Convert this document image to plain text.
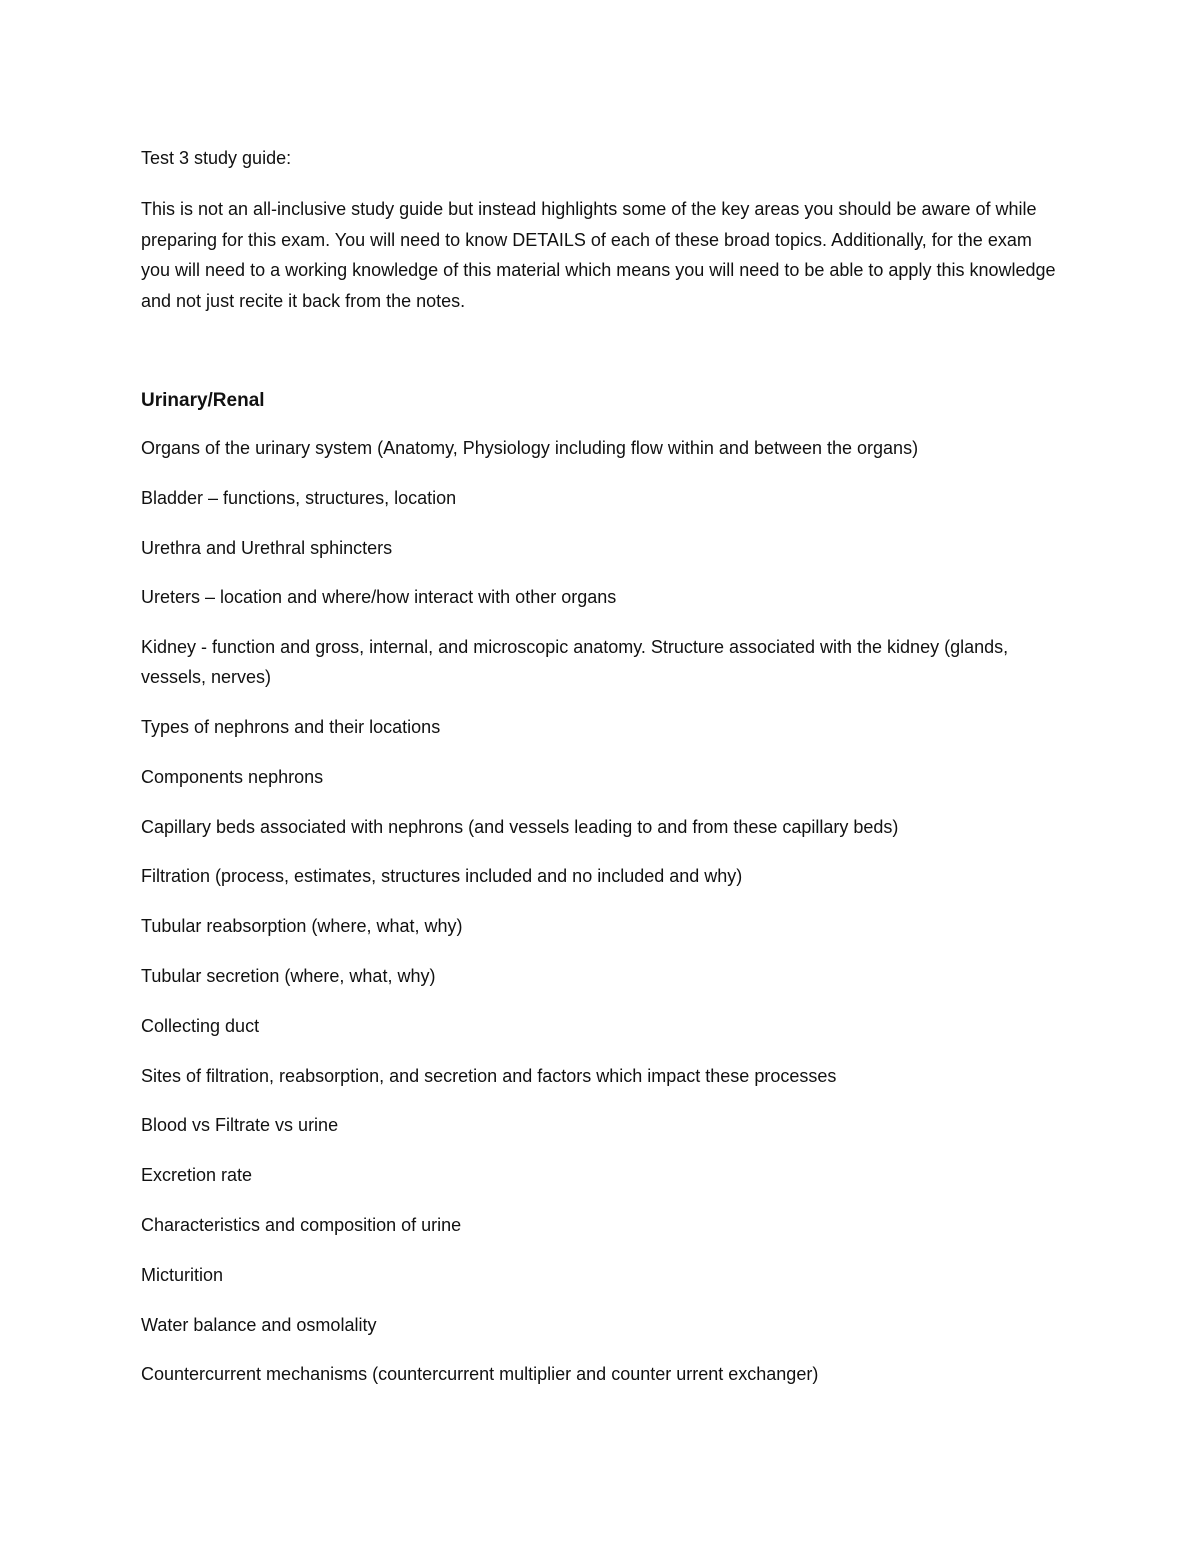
Test 3 study guide:

This is not an all-inclusive study guide but instead highlights some of the key areas you should be aware of while preparing for this exam. You will need to know DETAILS of each of these broad topics. Additionally, for the exam you will need to a working knowledge of this material which means you will need to be able to apply this knowledge and not just recite it back from the notes.

Urinary/Renal
Organs of the urinary system (Anatomy, Physiology including flow within and between the organs)
Bladder – functions, structures, location
Urethra and Urethral sphincters
Ureters – location and where/how interact with other organs
Kidney - function and gross, internal, and microscopic anatomy. Structure associated with the kidney (glands, vessels, nerves)
Types of nephrons and their locations
Components nephrons
Capillary beds associated with nephrons (and vessels leading to and from these capillary beds)
Filtration (process, estimates, structures included and no included and why)
Tubular reabsorption (where, what, why)
Tubular secretion (where, what, why)
Collecting duct
Sites of filtration, reabsorption, and secretion and factors which impact these processes
Blood vs Filtrate vs urine
Excretion rate
Characteristics and composition of urine
Micturition
Water balance and osmolality
Countercurrent mechanisms (countercurrent multiplier and counter urrent exchanger)
